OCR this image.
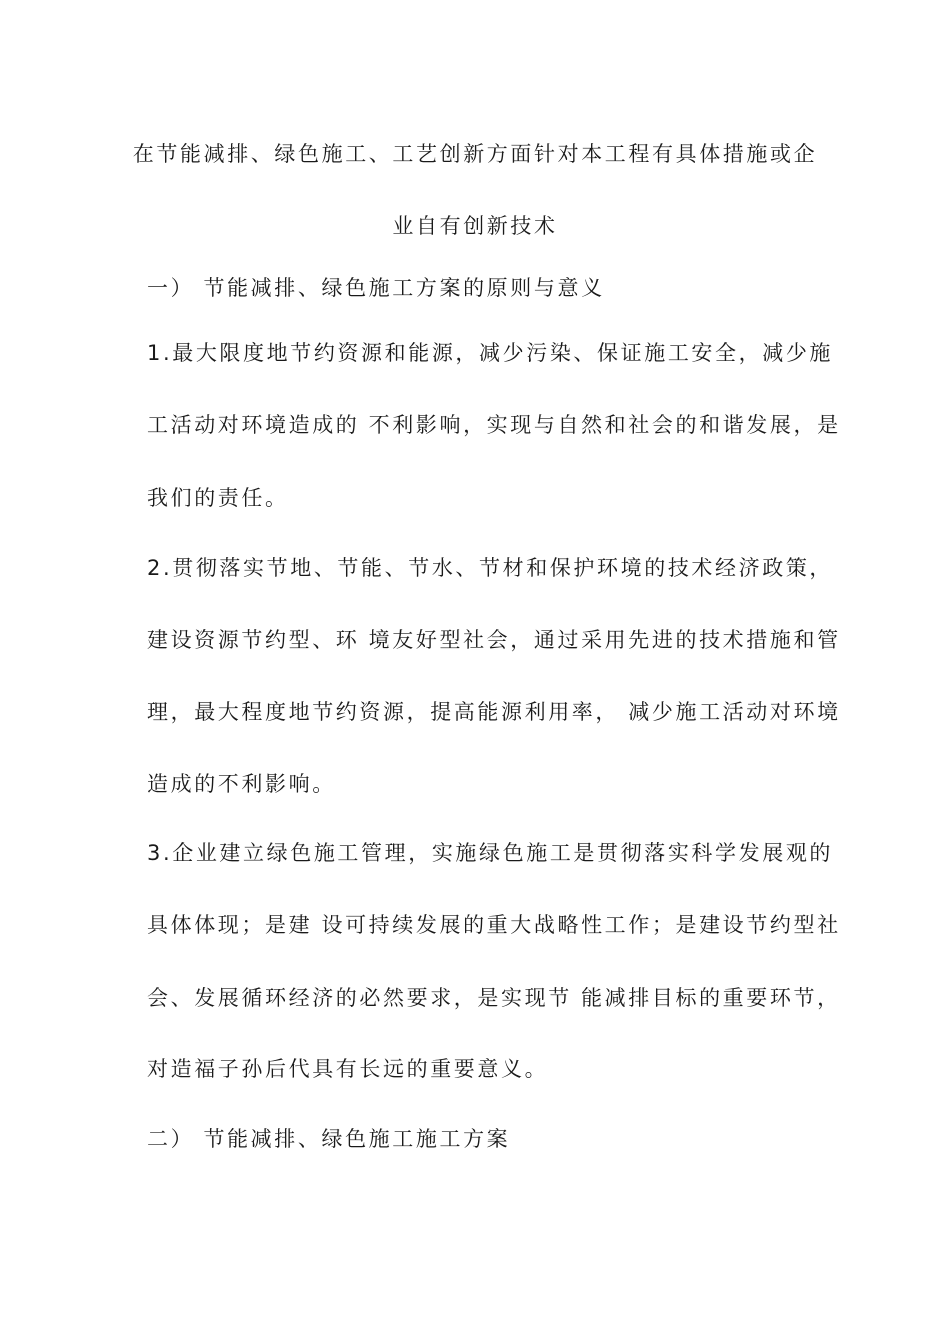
在节能减排、绿色施工、工艺创新方面针对本工程有具体措施或企
业自有创新技术
一） 节能减排、绿色施工方案的原则与意义
1.最大限度地节约资源和能源，减少污染、保证施工安全，减少施
工活动对环境造成的 不利影响，实现与自然和社会的和谐发展，是
我们的责任。
2.贯彻落实节地、节能、节水、节材和保护环境的技术经济政策，
建设资源节约型、环 境友好型社会，通过采用先进的技术措施和管
理，最大程度地节约资源，提高能源利用率， 减少施工活动对环境
造成的不利影响。
3.企业建立绿色施工管理，实施绿色施工是贯彻落实科学发展观的
具体体现；是建 设可持续发展的重大战略性工作；是建设节约型社
会、发展循环经济的必然要求，是实现节 能减排目标的重要环节，
对造福子孙后代具有长远的重要意义。
二） 节能减排、绿色施工施工方案
